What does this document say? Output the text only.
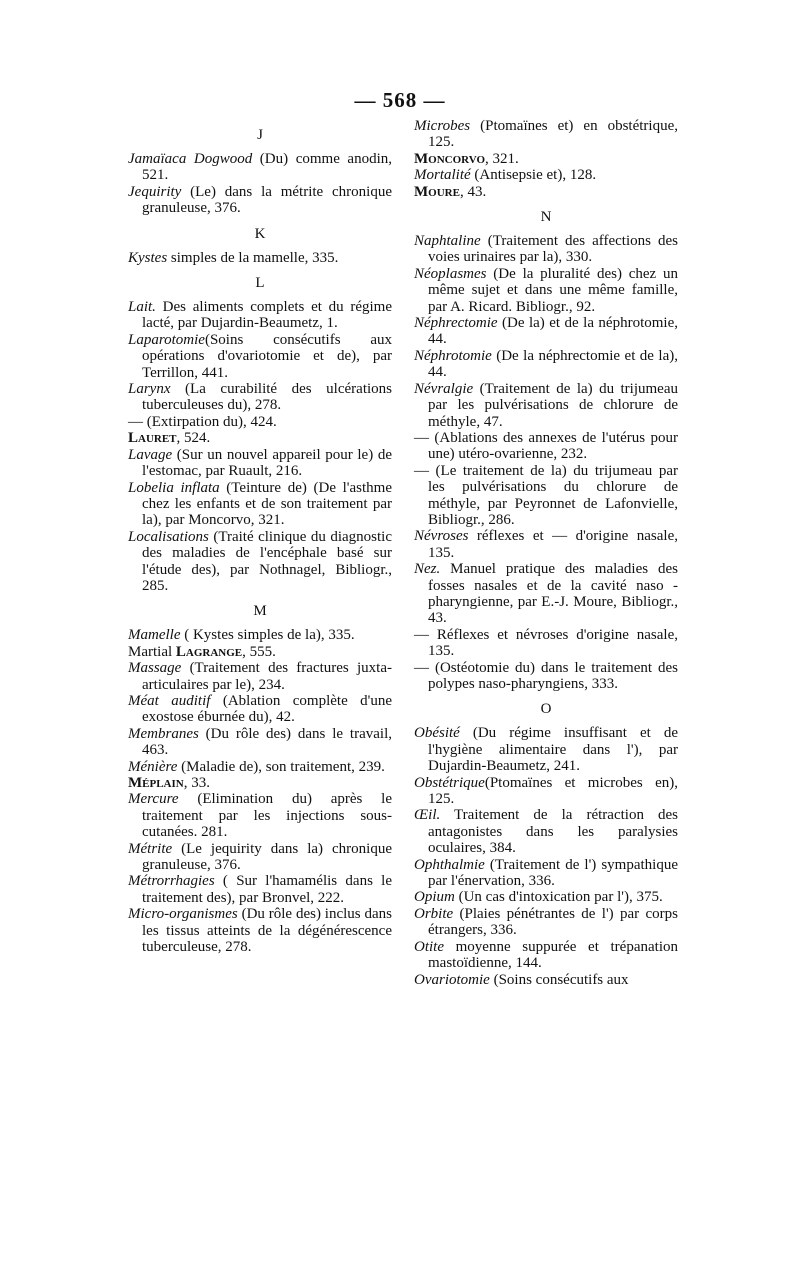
— 568 —
J

Jamaïaca Dogwood (Du) comme anodin, 521.

Jequirity (Le) dans la métrite chronique granuleuse, 376.

K

Kystes simples de la mamelle, 335.

L

Lait. Des aliments complets et du régime lacté, par Dujardin-Beaumetz, 1.

Laparotomie(Soins consécutifs aux opérations d'ovariotomie et de), par Terrillon, 441.

Larynx (La curabilité des ulcérations tuberculeuses du), 278.

— (Extirpation du), 424.

Lauret, 524.

Lavage (Sur un nouvel appareil pour le) de l'estomac, par Ruault, 216.

Lobelia inflata (Teinture de) (De l'asthme chez les enfants et de son traitement par la), par Moncorvo, 321.

Localisations (Traité clinique du diagnostic des maladies de l'encéphale basé sur l'étude des), par Nothnagel, Bibliogr., 285.

M

Mamelle ( Kystes simples de la), 335.

Martial Lagrange, 555.

Massage (Traitement des fractures juxta-articulaires par le), 234.

Méat auditif (Ablation complète d'une exostose éburnée du), 42.

Membranes (Du rôle des) dans le travail, 463.

Ménière (Maladie de), son traitement, 239.

Méplain, 33.

Mercure (Elimination du) après le traitement par les injections sous-cutanées. 281.

Métrite (Le jequirity dans la) chronique granuleuse, 376.

Métrorrhagies ( Sur l'hamamélis dans le traitement des), par Bronvel, 222.

Micro-organismes (Du rôle des) inclus dans les tissus atteints de la dégénérescence tuberculeuse, 278.

Microbes (Ptomaïnes et) en obstétrique, 125.

Moncorvo, 321.

Mortalité (Antisepsie et), 128.

Moure, 43.

N

Naphtaline (Traitement des affections des voies urinaires par la), 330.

Néoplasmes (De la pluralité des) chez un même sujet et dans une même famille, par A. Ricard. Bibliogr., 92.

Néphrectomie (De la) et de la néphrotomie, 44.

Néphrotomie (De la néphrectomie et de la), 44.

Névralgie (Traitement de la) du trijumeau par les pulvérisations de chlorure de méthyle, 47.

— (Ablations des annexes de l'utérus pour une) utéro-ovarienne, 232.

— (Le traitement de la) du trijumeau par les pulvérisations du chlorure de méthyle, par Peyronnet de Lafonvielle, Bibliogr., 286.

Névroses réflexes et — d'origine nasale, 135.

Nez. Manuel pratique des maladies des fosses nasales et de la cavité naso - pharyngienne, par E.-J. Moure, Bibliogr., 43.

— Réflexes et névroses d'origine nasale, 135.

— (Ostéotomie du) dans le traitement des polypes naso-pharyngiens, 333.

O

Obésité (Du régime insuffisant et de l'hygiène alimentaire dans l'), par Dujardin-Beaumetz, 241.

Obstétrique(Ptomaïnes et microbes en), 125.

Œil. Traitement de la rétraction des antagonistes dans les paralysies oculaires, 384.

Ophthalmie (Traitement de l') sympathique par l'énervation, 336.

Opium (Un cas d'intoxication par l'), 375.

Orbite (Plaies pénétrantes de l') par corps étrangers, 336.

Otite moyenne suppurée et trépanation mastoïdienne, 144.

Ovariotomie (Soins consécutifs aux
